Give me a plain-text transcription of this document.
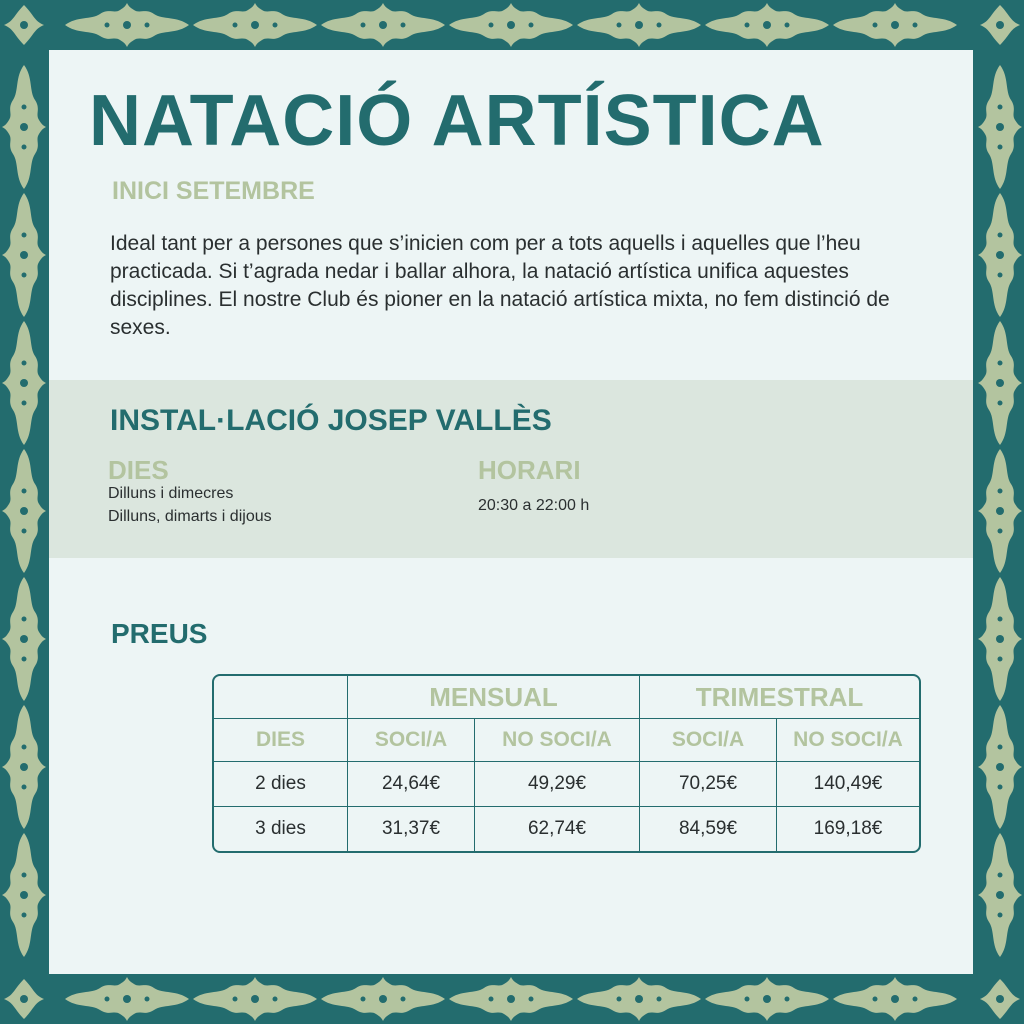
NATACIÓ ARTÍSTICA
INICI SETEMBRE
Ideal tant per a persones que s’inicien com per a tots aquells i aquelles que l’heu practicada. Si t’agrada nedar i ballar alhora, la natació artística unifica aquestes disciplines. El nostre Club és pioner en la natació artística mixta, no fem distinció de sexes.
INSTAL·LACIÓ JOSEP VALLÈS
DIES
Dilluns i dimecres
Dilluns, dimarts i dijous
HORARI
20:30 a 22:00 h
PREUS
	MENSUAL		TRIMESTRAL	
DIES	SOCI/A	NO SOCI/A	SOCI/A	NO SOCI/A
2 dies	24,64€	49,29€	70,25€	140,49€
3 dies	31,37€	62,74€	84,59€	169,18€
